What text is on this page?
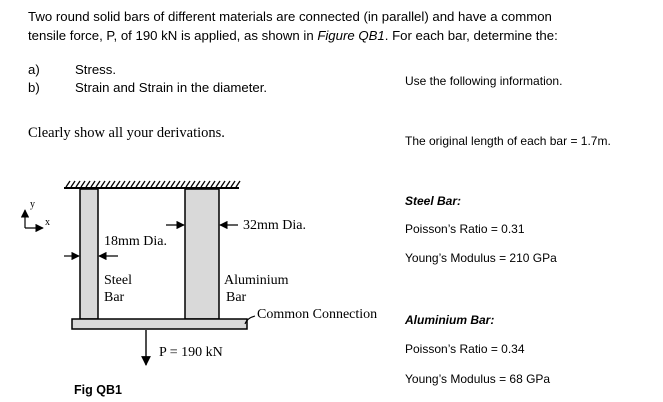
Two round solid bars of different materials are connected (in parallel) and have a common
tensile force, P, of 190 kN is applied, as shown in Figure QB1. For each bar, determine the:
a)	Stress.
b)	Strain and Strain in the diameter.
Clearly show all your derivations.
Use the following information.
The original length of each bar = 1.7m.
Steel Bar:
Poisson’s Ratio = 0.31
Young’s Modulus = 210 GPa
Aluminium Bar:
Poisson’s Ratio = 0.34
Young’s Modulus = 68 GPa
y
x
18mm Dia.
32mm Dia.
Steel
Bar
Aluminium
Bar
Common Connection
P = 190 kN
Fig QB1
